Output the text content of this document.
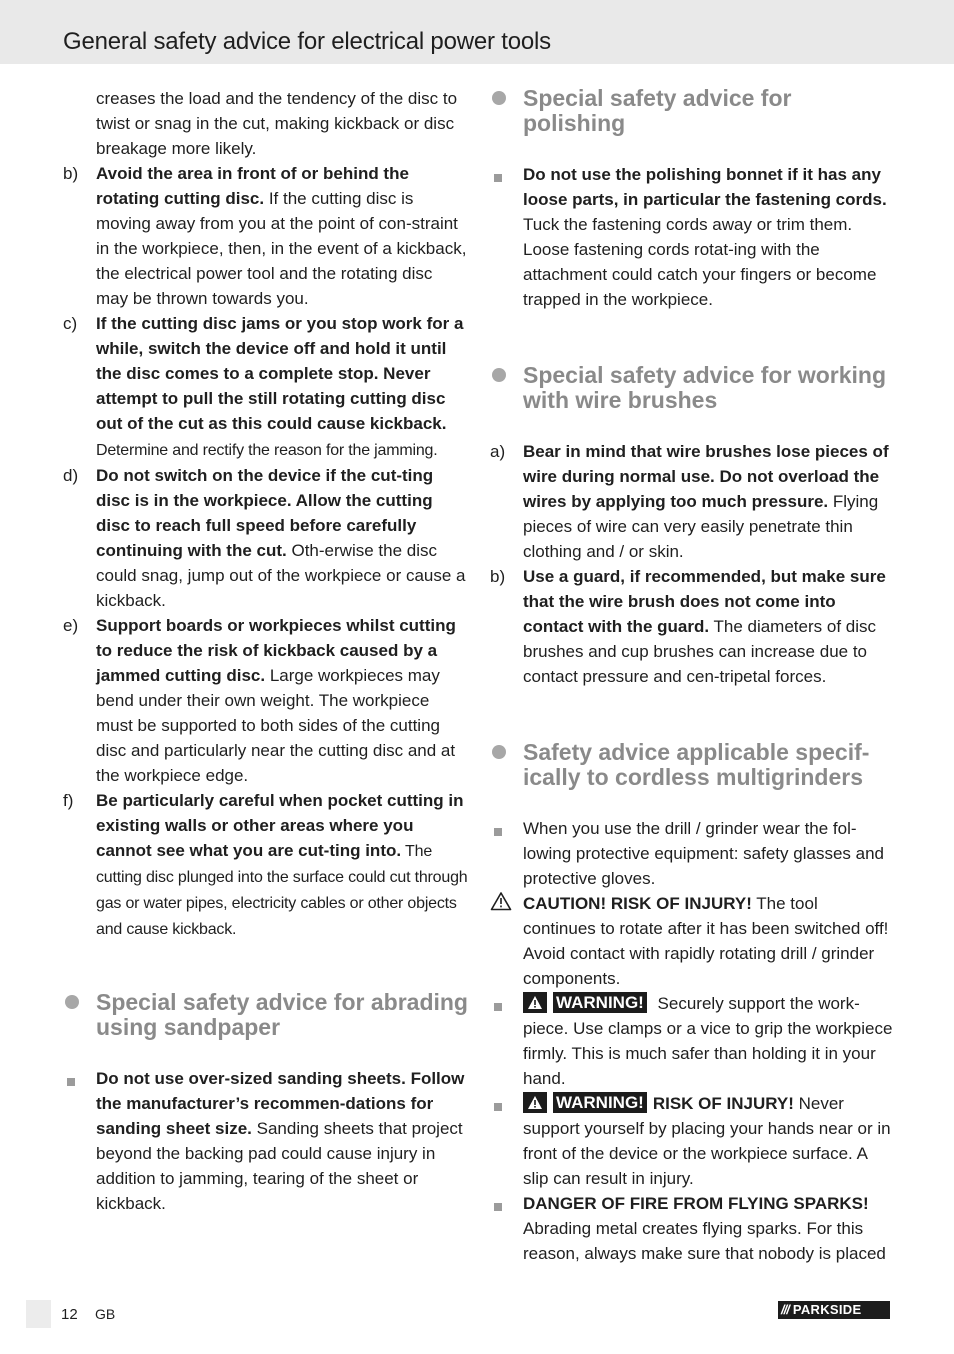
General safety advice for electrical power tools
creases the load and the tendency of the disc to twist or snag in the cut, making kickback or disc breakage more likely.
b)	Avoid the area in front of or behind the rotating cutting disc. If the cutting disc is moving away from you at the point of con-straint in the workpiece, then, in the event of a kickback, the electrical power tool and the rotating disc may be thrown towards you.
c)	If the cutting disc jams or you stop work for a while, switch the device off and hold it until the disc comes to a complete stop. Never attempt to pull the still rotating cutting disc out of the cut as this could cause kickback. Determine and rectify the reason for the jamming.
d)	Do not switch on the device if the cut-ting disc is in the workpiece. Allow the cutting disc to reach full speed before carefully continuing with the cut. Oth-erwise the disc could snag, jump out of the workpiece or cause a kickback.
e)	Support boards or workpieces whilst cutting to reduce the risk of kickback caused by a jammed cutting disc. Large workpieces may bend under their own weight. The workpiece must be supported to both sides of the cutting disc and particularly near the cutting disc and at the workpiece edge.
f)	Be particularly careful when pocket cutting in existing walls or other areas where you cannot see what you are cut-ting into. The cutting disc plunged into the surface could cut through gas or water pipes, electricity cables or other objects and cause kickback.
Special safety advice for abrading using sandpaper
Do not use over-sized sanding sheets. Follow the manufacturer’s recommen-dations for sanding sheet size. Sanding sheets that project beyond the backing pad could cause injury in addition to jamming, tearing of the sheet or kickback.
Special safety advice for polishing
Do not use the polishing bonnet if it has any loose parts, in particular the fastening cords. Tuck the fastening cords away or trim them. Loose fastening cords rotat-ing with the attachment could catch your fingers or become trapped in the workpiece.
Special safety advice for working with wire brushes
a)	Bear in mind that wire brushes lose pieces of wire during normal use. Do not overload the wires by applying too much pressure. Flying pieces of wire can very easily penetrate thin clothing and / or skin.
b)	Use a guard, if recommended, but make sure that the wire brush does not come into contact with the guard. The diameters of disc brushes and cup brushes can increase due to contact pressure and cen-tripetal forces.
Safety advice applicable specif-ically to cordless multigrinders
When you use the drill / grinder wear the fol-lowing protective equipment: safety glasses and protective gloves.
CAUTION! RISK OF INJURY! The tool continues to rotate after it has been switched off! Avoid contact with rapidly rotating drill / grinder components.
WARNING! Securely support the work-piece. Use clamps or a vice to grip the workpiece firmly. This is much safer than holding it in your hand.
WARNING! RISK OF INJURY! Never support yourself by placing your hands near or in front of the device or the workpiece surface. A slip can result in injury.
DANGER OF FIRE FROM FLYING SPARKS! Abrading metal creates flying sparks. For this reason, always make sure that nobody is placed
12 GB	/// PARKSIDE
